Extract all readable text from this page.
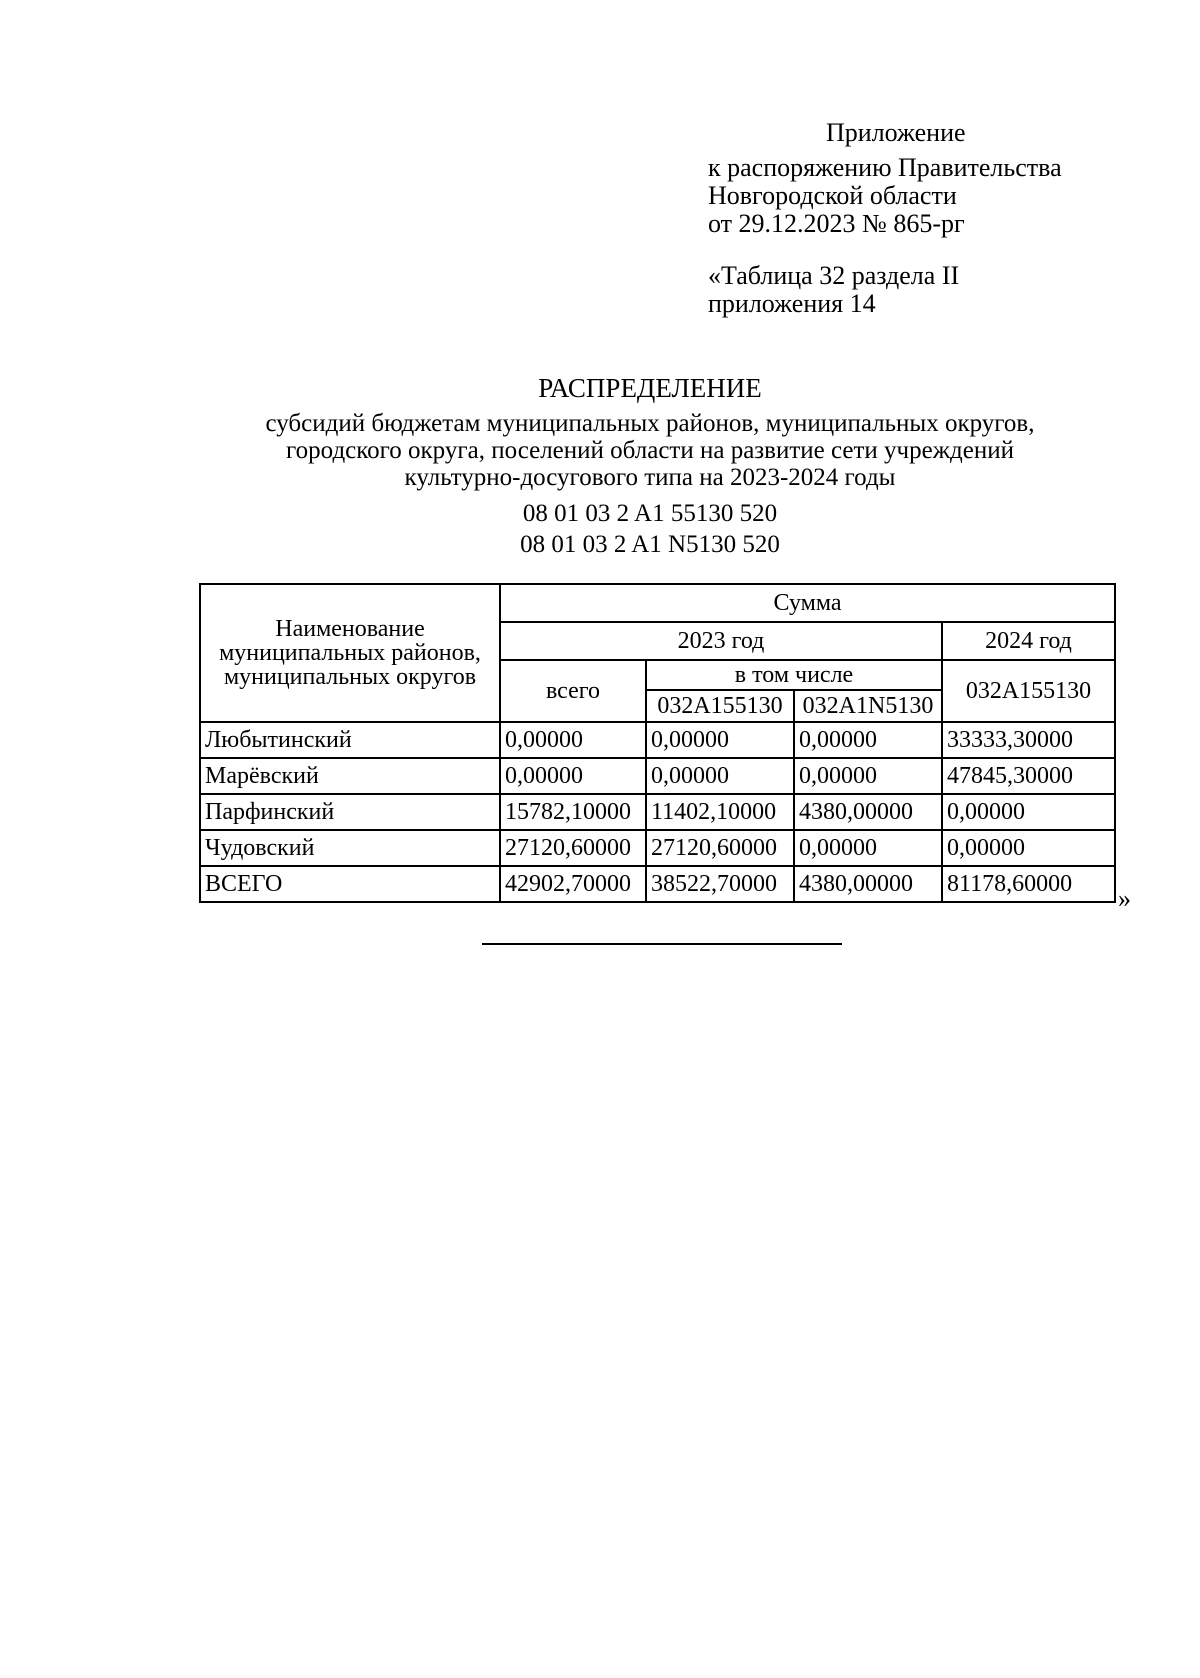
Приложение
к распоряжению Правительства
Новгородской области
от 29.12.2023 № 865-рг
«Таблица 32 раздела II
приложения 14
РАСПРЕДЕЛЕНИЕ
субсидий бюджетам муниципальных районов, муниципальных округов,
городского округа, поселений области на развитие сети учреждений
культурно-досугового типа на 2023-2024 годы
08 01 03 2 A1 55130 520
08 01 03 2 A1 N5130 520
Наименование муниципальных районов, муниципальных округов	Сумма			
	2023 год			2024 год
	всего	в том числе		032А155130
		032А155130	032А1N5130	
Любытинский	0,00000	0,00000	0,00000	33333,30000
Марёвский	0,00000	0,00000	0,00000	47845,30000
Парфинский	15782,10000	11402,10000	4380,00000	0,00000
Чудовский	27120,60000	27120,60000	0,00000	0,00000
ВСЕГО	42902,70000	38522,70000	4380,00000	81178,60000 »
